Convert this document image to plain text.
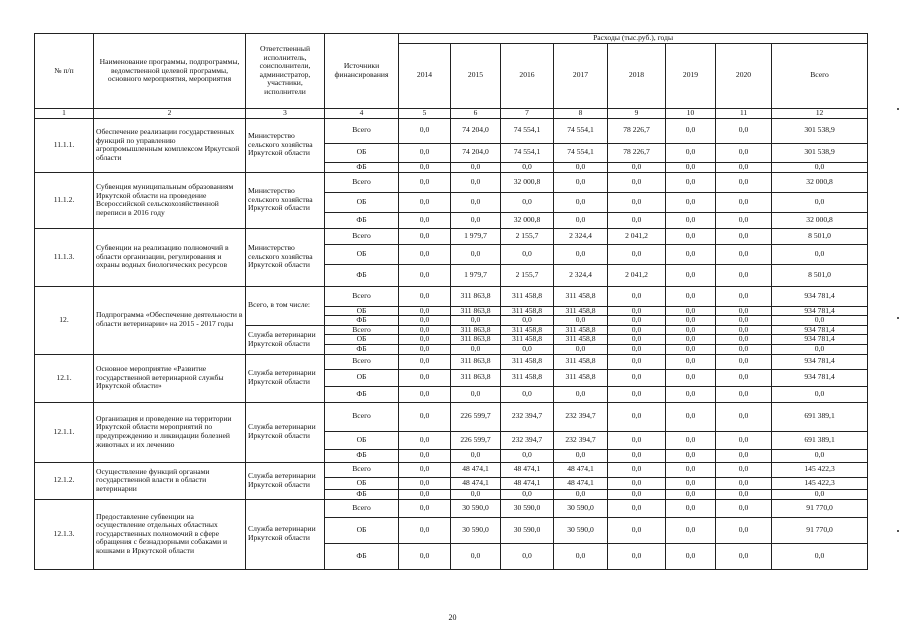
№ п/п	Наименование программы, подпрограммы, ведомственной целевой программы, основного мероприятия, мероприятия	Ответственный исполнитель, соисполнители, администратор, участники, исполнители	Источники финансирования	Расходы (тыс.руб.), годы							
				2014	2015	2016	2017	2018	2019	2020	Всего
1	2	3	4	5	6	7	8	9	10	11	12
11.1.1.	Обеспечение реализации государственных функций по управлению агропромышленным комплексом Иркутской области	Министерство сельского хозяйства Иркутской области	Всего	0,0	74 204,0	74 554,1	74 554,1	78 226,7	0,0	0,0	301 538,9
			ОБ	0,0	74 204,0	74 554,1	74 554,1	78 226,7	0,0	0,0	301 538,9
			ФБ	0,0	0,0	0,0	0,0	0,0	0,0	0,0	0,0
11.1.2.	Субвенция муниципальным образованиям Иркутской области на проведение Всероссийской сельскохозяйственной переписи в 2016 году	Министерство сельского хозяйства Иркутской области	Всего	0,0	0,0	32 000,8	0,0	0,0	0,0	0,0	32 000,8
			ОБ	0,0	0,0	0,0	0,0	0,0	0,0	0,0	0,0
			ФБ	0,0	0,0	32 000,8	0,0	0,0	0,0	0,0	32 000,8
11.1.3.	Субвенции на реализацию полномочий в области организации, регулирования и охраны водных биологических ресурсов	Министерство сельского хозяйства Иркутской области	Всего	0,0	1 979,7	2 155,7	2 324,4	2 041,2	0,0	0,0	8 501,0
			ОБ	0,0	0,0	0,0	0,0	0,0	0,0	0,0	0,0
			ФБ	0,0	1 979,7	2 155,7	2 324,4	2 041,2	0,0	0,0	8 501,0
12.	Подпрограмма «Обеспечение деятельности в области ветеринарии» на 2015 - 2017 годы	Всего, в том числе:	Всего	0,0	311 863,8	311 458,8	311 458,8	0,0	0,0	0,0	934 781,4
			ОБ	0,0	311 863,8	311 458,8	311 458,8	0,0	0,0	0,0	934 781,4
			ФБ	0,0	0,0	0,0	0,0	0,0	0,0	0,0	0,0
		Служба ветеринарии Иркутской области	Всего	0,0	311 863,8	311 458,8	311 458,8	0,0	0,0	0,0	934 781,4
			ОБ	0,0	311 863,8	311 458,8	311 458,8	0,0	0,0	0,0	934 781,4
			ФБ	0,0	0,0	0,0	0,0	0,0	0,0	0,0	0,0
12.1.	Основное мероприятие «Развитие государственной ветеринарной службы Иркутской области»	Служба ветеринарии Иркутской области	Всего	0,0	311 863,8	311 458,8	311 458,8	0,0	0,0	0,0	934 781,4
			ОБ	0,0	311 863,8	311 458,8	311 458,8	0,0	0,0	0,0	934 781,4
			ФБ	0,0	0,0	0,0	0,0	0,0	0,0	0,0	0,0
12.1.1.	Организация и проведение на территории Иркутской области мероприятий по предупреждению и ликвидации болезней животных и их лечению	Служба ветеринарии Иркутской области	Всего	0,0	226 599,7	232 394,7	232 394,7	0,0	0,0	0,0	691 389,1
			ОБ	0,0	226 599,7	232 394,7	232 394,7	0,0	0,0	0,0	691 389,1
			ФБ	0,0	0,0	0,0	0,0	0,0	0,0	0,0	0,0
12.1.2.	Осуществление функций органами государственной власти в области ветеринарии	Служба ветеринарии Иркутской области	Всего	0,0	48 474,1	48 474,1	48 474,1	0,0	0,0	0,0	145 422,3
			ОБ	0,0	48 474,1	48 474,1	48 474,1	0,0	0,0	0,0	145 422,3
			ФБ	0,0	0,0	0,0	0,0	0,0	0,0	0,0	0,0
12.1.3.	Предоставление субвенции на осуществление отдельных областных государственных полномочий в сфере обращения с безнадзорными собаками и кошками в Иркутской области	Служба ветеринарии Иркутской области	Всего	0,0	30 590,0	30 590,0	30 590,0	0,0	0,0	0,0	91 770,0
			ОБ	0,0	30 590,0	30 590,0	30 590,0	0,0	0,0	0,0	91 770,0
			ФБ	0,0	0,0	0,0	0,0	0,0	0,0	0,0	0,0
20
